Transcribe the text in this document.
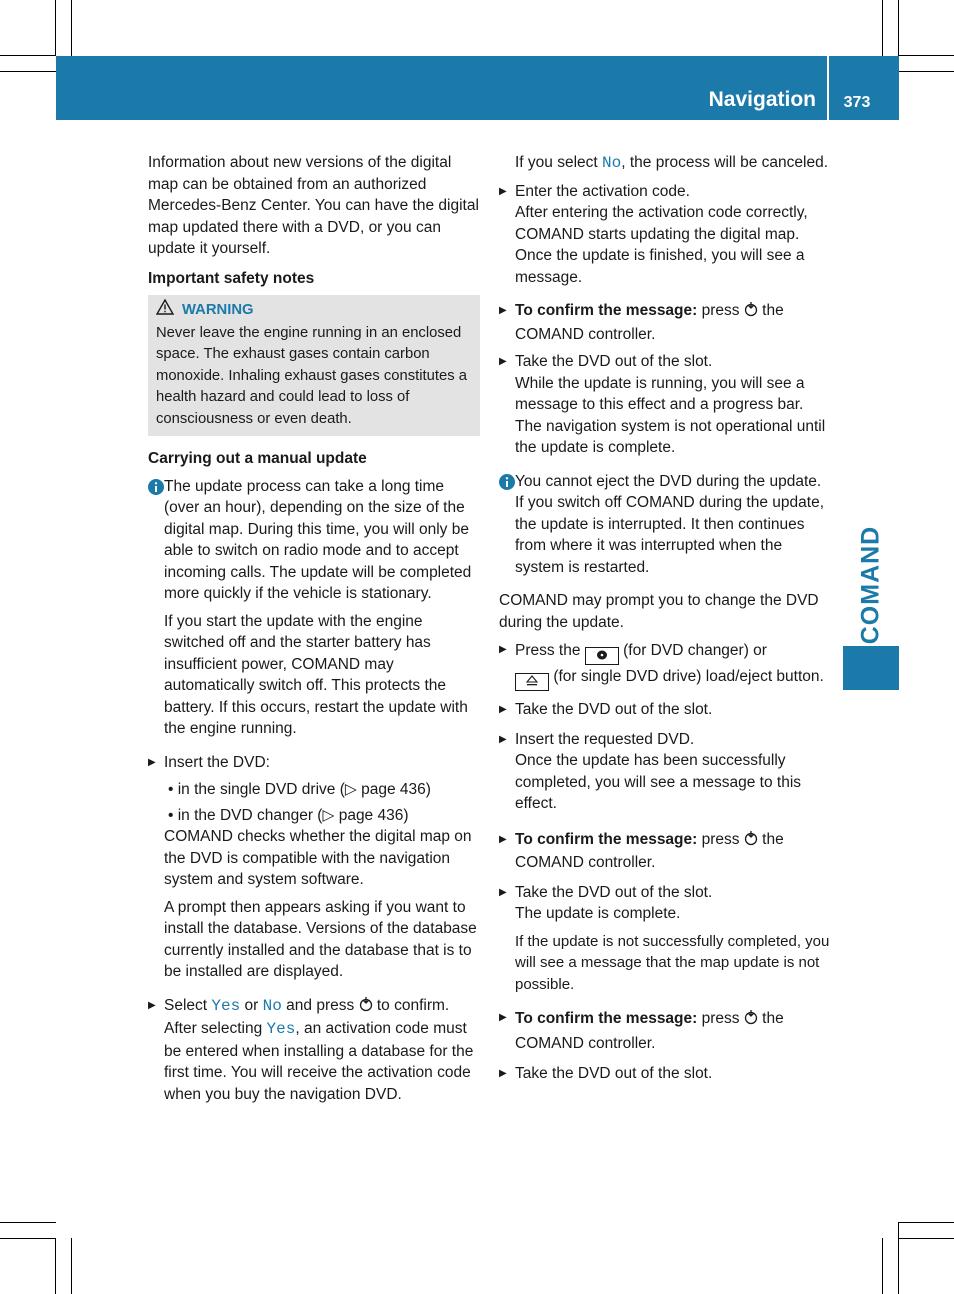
Navigation	373
COMAND

Information about new versions of the digital map can be obtained from an authorized Mercedes-Benz Center. You can have the digital map updated there with a DVD, or you can update it yourself.

Important safety notes
WARNING
Never leave the engine running in an enclosed space. The exhaust gases contain carbon monoxide. Inhaling exhaust gases constitutes a health hazard and could lead to loss of consciousness or even death.
Carrying out a manual update

The update process can take a long time (over an hour), depending on the size of the digital map. During this time, you will only be able to switch on radio mode and to accept incoming calls. The update will be completed more quickly if the vehicle is stationary.

If you start the update with the engine switched off and the starter battery has insufficient power, COMAND may automatically switch off. This protects the battery. If this occurs, restart the update with the engine running.

▶ Insert the DVD:

• in the single DVD drive (▷ page 436)
• in the DVD changer (▷ page 436)

COMAND checks whether the digital map on the DVD is compatible with the navigation system and system software.

A prompt then appears asking if you want to install the database. Versions of the database currently installed and the database that is to be installed are displayed.

▶ Select Yes or No and press to confirm.
After selecting Yes, an activation code must be entered when installing a database for the first time. You will receive the activation code when you buy the navigation DVD.

If you select No, the process will be canceled.

▶ Enter the activation code.

After entering the activation code correctly, COMAND starts updating the digital map. Once the update is finished, you will see a message.

▶ To confirm the message: press the COMAND controller.
▶ Take the DVD out of the slot.

While the update is running, you will see a message to this effect and a progress bar. The navigation system is not operational until the update is complete.

You cannot eject the DVD during the update. If you switch off COMAND during the update, the update is interrupted. It then continues from where it was interrupted when the system is restarted.

COMAND may prompt you to change the DVD during the update.

▶ Press the	(for DVD changer) or
(for single DVD drive) load/eject button.
▶ Take the DVD out of the slot.
▶ Insert the requested DVD.

Once the update has been successfully completed, you will see a message to this effect.

▶ To confirm the message: press the COMAND controller.
▶ Take the DVD out of the slot.

The update is complete.

If the update is not successfully completed, you will see a message that the map update is not possible.

▶ To confirm the message: press the COMAND controller.
▶ Take the DVD out of the slot.
